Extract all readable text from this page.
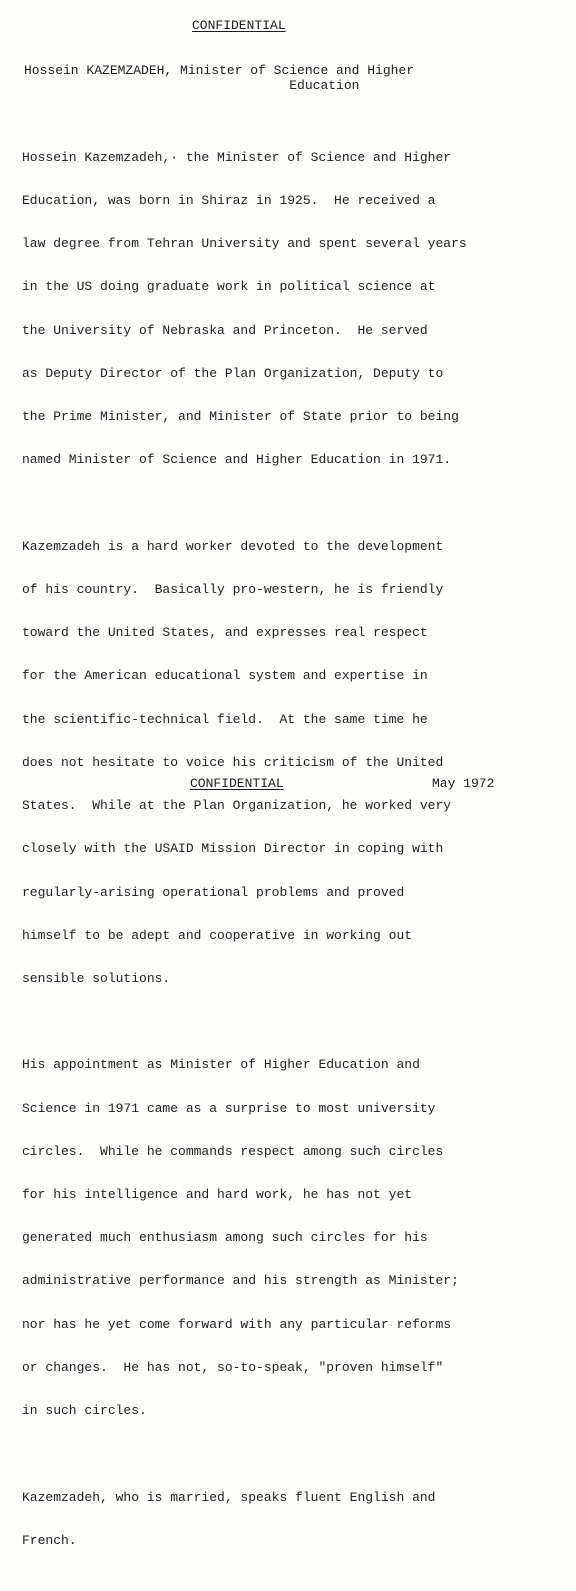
CONFIDENTIAL
Hossein KAZEMZADEH, Minister of Science and Higher
Education

Hossein Kazemzadeh,· the Minister of Science and Higher

Education, was born in Shiraz in 1925.  He received a

law degree from Tehran University and spent several years

in the US doing graduate work in political science at

the University of Nebraska and Princeton.  He served

as Deputy Director of the Plan Organization, Deputy to

the Prime Minister, and Minister of State prior to being

named Minister of Science and Higher Education in 1971.

Kazemzadeh is a hard worker devoted to the development

of his country.  Basically pro-western, he is friendly

toward the United States, and expresses real respect

for the American educational system and expertise in

the scientific-technical field.  At the same time he

does not hesitate to voice his criticism of the United

States.  While at the Plan Organization, he worked very

closely with the USAID Mission Director in coping with

regularly-arising operational problems and proved

himself to be adept and cooperative in working out

sensible solutions.

His appointment as Minister of Higher Education and

Science in 1971 came as a surprise to most university

circles.  While he commands respect among such circles

for his intelligence and hard work, he has not yet

generated much enthusiasm among such circles for his

administrative performance and his strength as Minister;

nor has he yet come forward with any particular reforms

or changes.  He has not, so-to-speak, "proven himself"

in such circles.

Kazemzadeh, who is married, speaks fluent English and

French.

CONFIDENTIAL	May 1972
